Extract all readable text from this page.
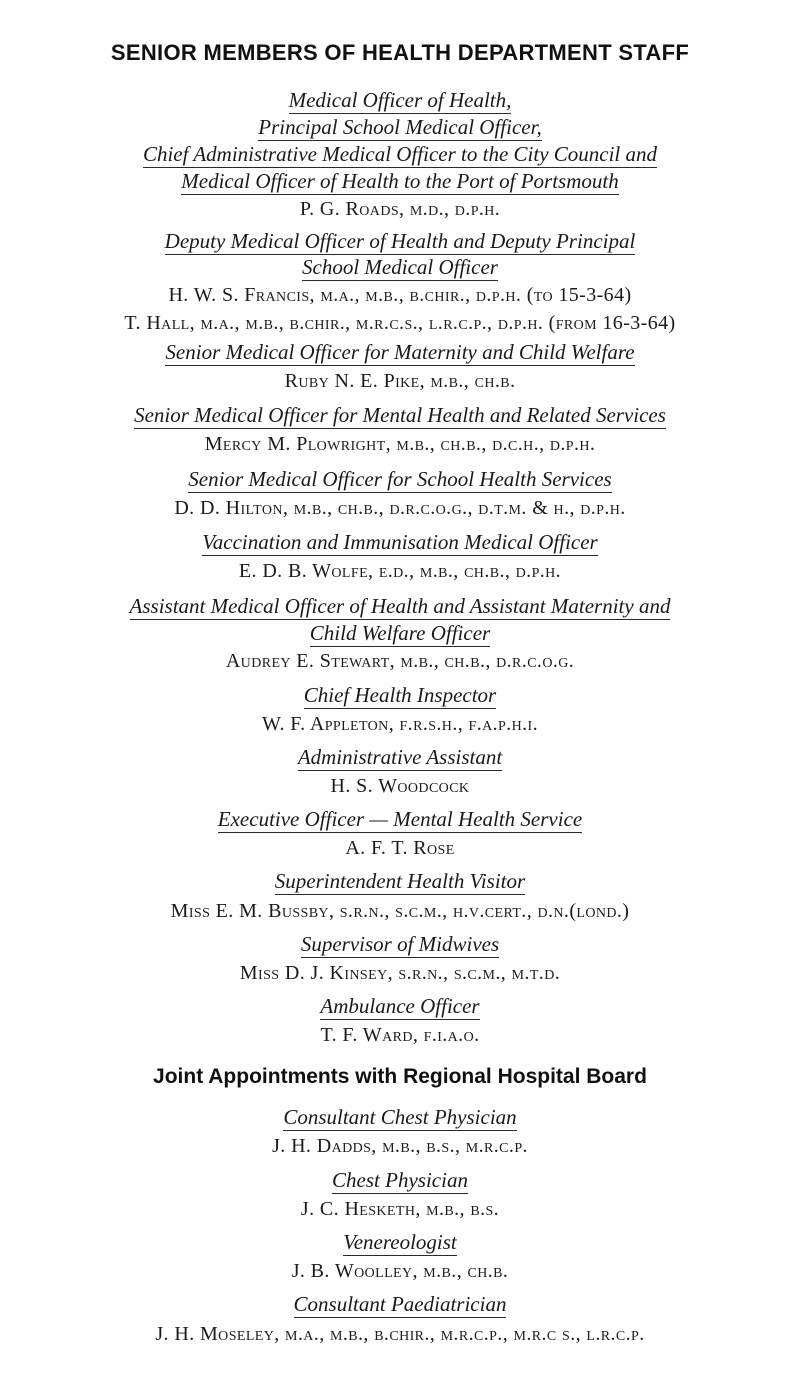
SENIOR MEMBERS OF HEALTH DEPARTMENT STAFF
Medical Officer of Health,
Principal School Medical Officer,
Chief Administrative Medical Officer to the City Council and
Medical Officer of Health to the Port of Portsmouth
P. G. Roads, m.d., d.p.h.
Deputy Medical Officer of Health and Deputy Principal
School Medical Officer
H. W. S. Francis, m.a., m.b., b.chir., d.p.h. (to 15-3-64)
T. Hall, m.a., m.b., b.chir., m.r.c.s., l.r.c.p., d.p.h. (from 16-3-64)
Senior Medical Officer for Maternity and Child Welfare
Ruby N. E. Pike, m.b., ch.b.
Senior Medical Officer for Mental Health and Related Services
Mercy M. Plowright, m.b., ch.b., d.c.h., d.p.h.
Senior Medical Officer for School Health Services
D. D. Hilton, m.b., ch.b., d.r.c.o.g., d.t.m. & h., d.p.h.
Vaccination and Immunisation Medical Officer
E. D. B. Wolfe, e.d., m.b., ch.b., d.p.h.
Assistant Medical Officer of Health and Assistant Maternity and
Child Welfare Officer
Audrey E. Stewart, m.b., ch.b., d.r.c.o.g.
Chief Health Inspector
W. F. Appleton, f.r.s.h., f.a.p.h.i.
Administrative Assistant
H. S. Woodcock
Executive Officer — Mental Health Service
A. F. T. Rose
Superintendent Health Visitor
Miss E. M. Bussby, s.r.n., s.c.m., h.v.cert., d.n.(lond.)
Supervisor of Midwives
Miss D. J. Kinsey, s.r.n., s.c.m., m.t.d.
Ambulance Officer
T. F. Ward, f.i.a.o.
Joint Appointments with Regional Hospital Board
Consultant Chest Physician
J. H. Dadds, m.b., b.s., m.r.c.p.
Chest Physician
J. C. Hesketh, m.b., b.s.
Venereologist
J. B. Woolley, m.b., ch.b.
Consultant Paediatrician
J. H. Moseley, m.a., m.b., b.chir., m.r.c.p., m.r.c s., l.r.c.p.
